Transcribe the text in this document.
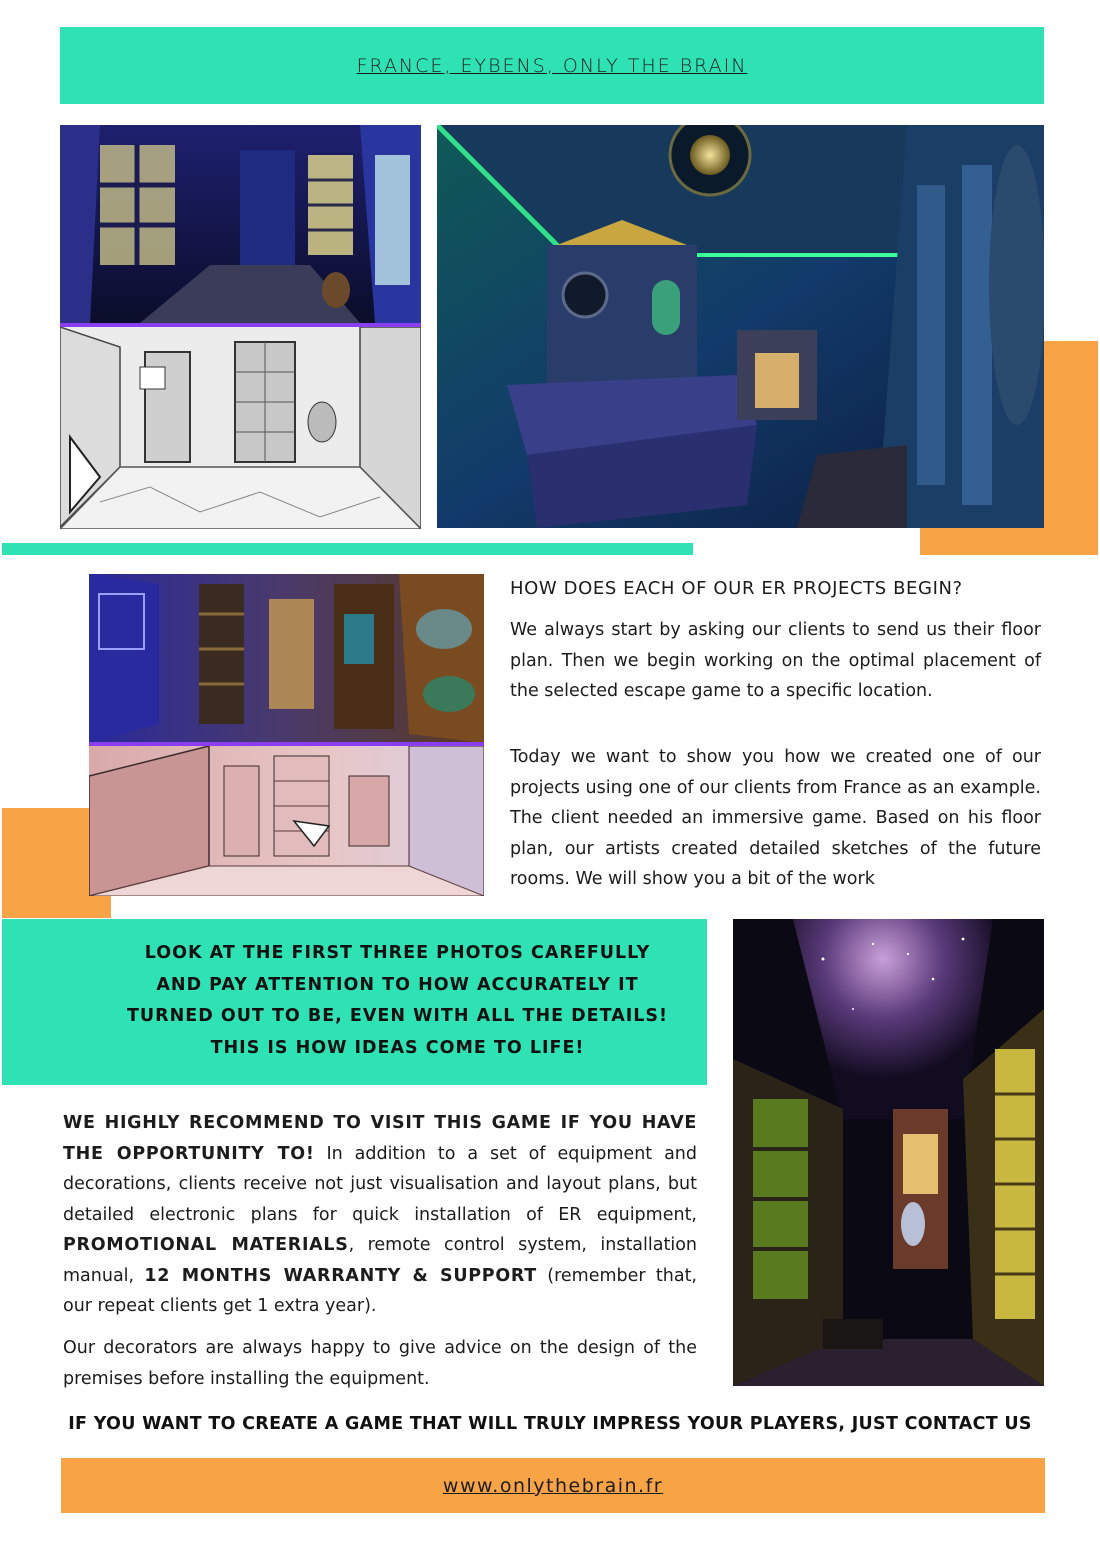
FRANCE, EYBENS, ONLY THE BRAIN
HOW DOES EACH OF OUR ER PROJECTS BEGIN?

We always start by asking our clients to send us their floor plan. Then we begin working on the optimal placement of the selected escape game to a specific location.

Today we want to show you how we created one of our projects using one of our clients from France as an example. The client needed an immersive game. Based on his floor plan, our artists created detailed sketches of the future rooms. We will show you a bit of the work

LOOK AT THE FIRST THREE PHOTOS CAREFULLY AND PAY ATTENTION TO HOW ACCURATELY IT TURNED OUT TO BE, EVEN WITH ALL THE DETAILS! THIS IS HOW IDEAS COME TO LIFE!

WE HIGHLY RECOMMEND TO VISIT THIS GAME IF YOU HAVE THE OPPORTUNITY TO! In addition to a set of equipment and decorations, clients receive not just visualisation and layout plans, but detailed electronic plans for quick installation of ER equipment, PROMOTIONAL MATERIALS, remote control system, installation manual, 12 MONTHS WARRANTY & SUPPORT (remember that, our repeat clients get 1 extra year).

Our decorators are always happy to give advice on the design of the premises before installing the equipment.

IF YOU WANT TO CREATE A GAME THAT WILL TRULY IMPRESS YOUR PLAYERS, JUST CONTACT US

www.onlythebrain.fr
